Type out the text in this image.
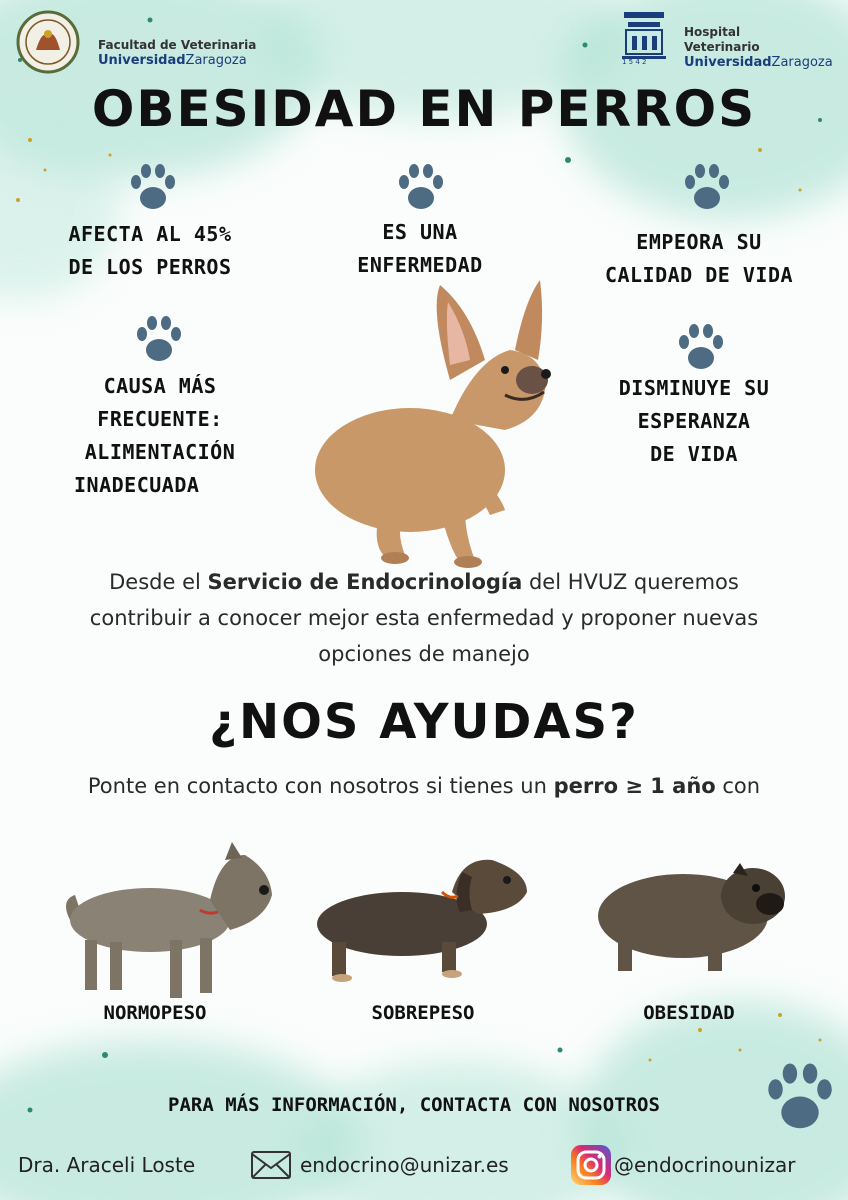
Facultad de Veterinaria
UniversidadZaragoza	1 5 4 2
Hospital
Veterinario
UniversidadZaragoza
OBESIDAD EN PERROS
AFECTA AL 45%
DE LOS PERROS
ES UNA
ENFERMEDAD
EMPEORA SU
CALIDAD DE VIDA
CAUSA MÁS
FRECUENTE:
ALIMENTACIÓN
INADECUADA
DISMINUYE SU
ESPERANZA
DE VIDA
Desde el Servicio de Endocrinología del HVUZ queremos
contribuir a conocer mejor esta enfermedad y proponer nuevas
opciones de manejo
¿NOS AYUDAS?
Ponte en contacto con nosotros si tienes un perro ≥ 1 año con
NORMOPESO	SOBREPESO	OBESIDAD
PARA MÁS INFORMACIÓN, CONTACTA CON NOSOTROS
Dra. Araceli Loste	endocrino@unizar.es	@endocrinounizar
